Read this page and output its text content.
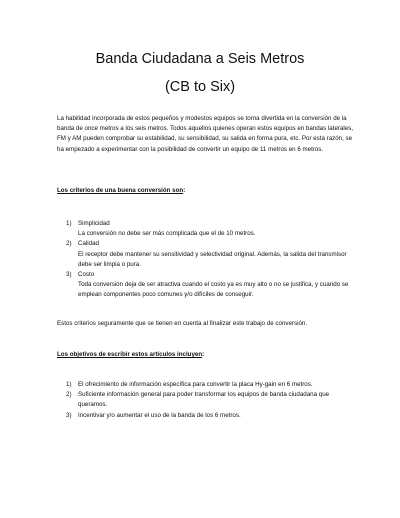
Banda Ciudadana a Seis Metros
(CB to Six)

La habilidad incorporada de estos pequeños y modestos equipos se torna divertida en la conversión de la banda de once metros a los seis metros. Todos aquellos quienes operan estos equipos en bandas laterales, FM y AM pueden comprobar su estabilidad, su sensibilidad, su salida en forma pura, etc. Por esta razón, se ha empezado a experimentar con la posibilidad de convertir un equipo de 11 metros en 6 metros.

Los criterios de una buena conversión son:
1) Simplicidad
La conversión no debe ser más complicada que el de 10 metros.
2) Calidad
El receptor debe mantener su sensitividad y selectividad original. Además, la salida del transmisor debe ser limpia o pura.
3) Costo
Toda conversión deja de ser atractiva cuando el costo ya es muy alto o no se justifica, y cuando se emplean componentes poco comunes y/o difíciles de conseguir.
Estos criterios seguramente que se tienen en cuenta al finalizar este trabajo de conversión.
Los objetivos de escribir estos artículos incluyen:
1) El ofrecimiento de información específica para convertir la placa Hy-gain en 6 metros.
2) Suficiente información general para poder transformar los equipos de banda ciudadana que queramos.
3) Incentivar y/o aumentar el uso de la banda de los 6 metros.
